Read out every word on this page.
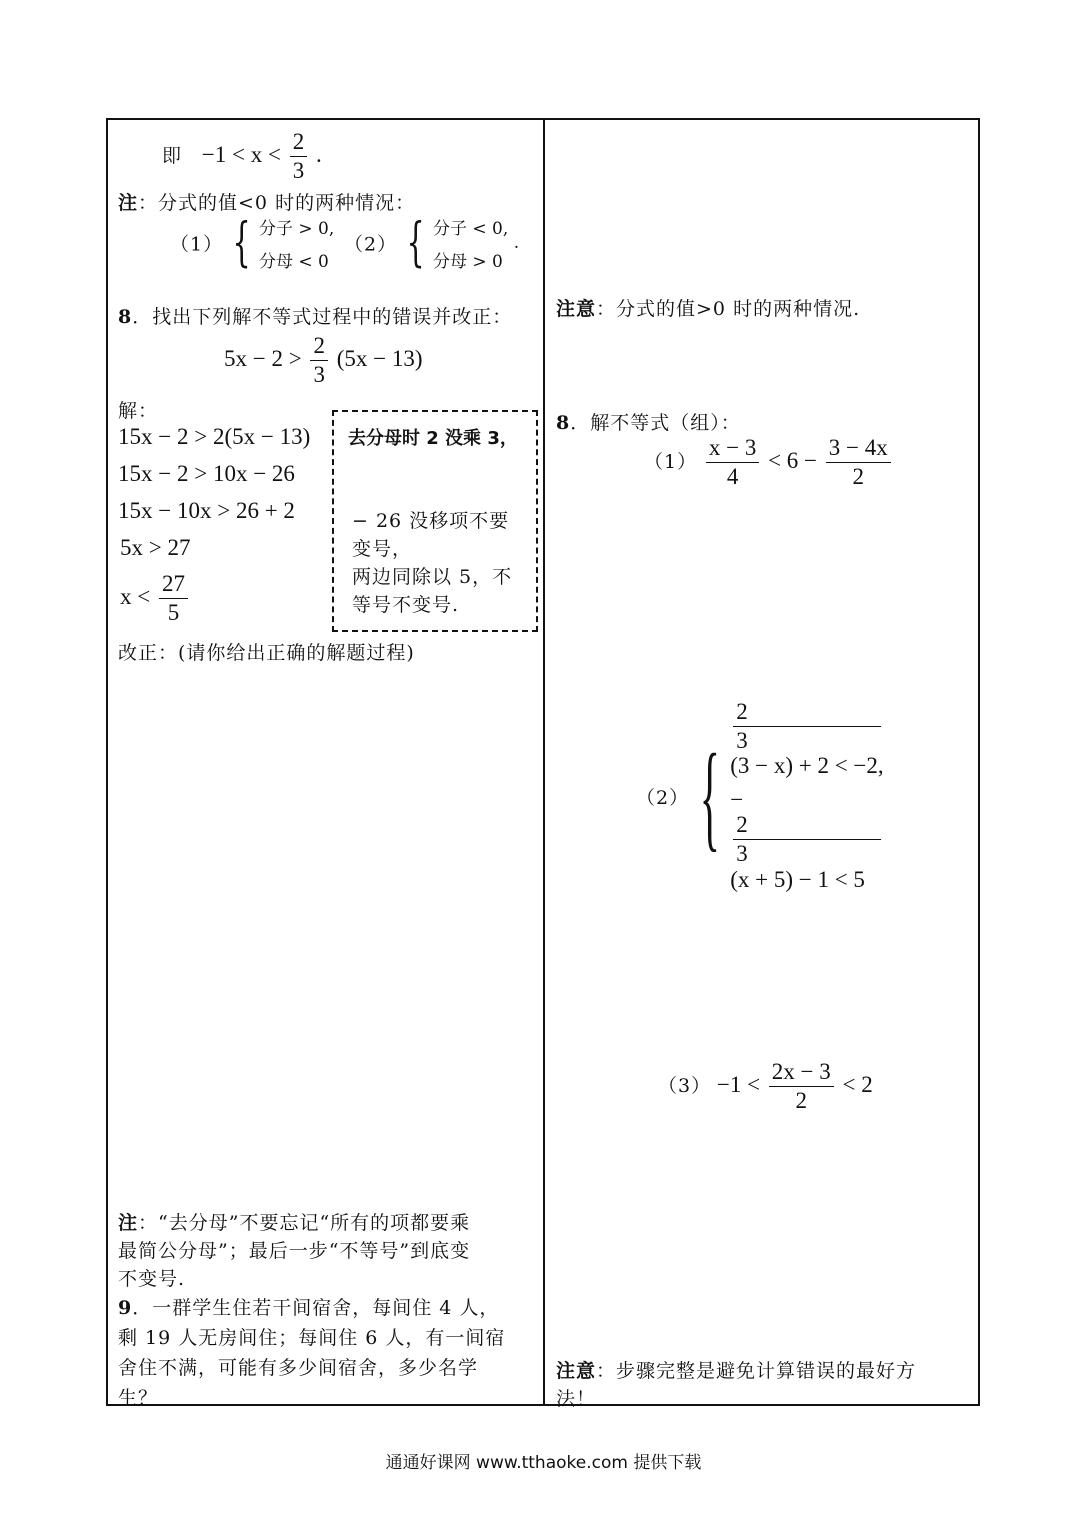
即 $-1 < x < \frac{2}{3}$ .
注：分式的值<0 时的两种情况：
（1） { 分子 > 0,
分母 < 0
（2） { 分子 < 0,
分母 > 0
.
8．找出下列解不等式过程中的错误并改正：
$5x - 2 > \frac{2}{3} (5x - 13)$
解：
15x − 2 > 2(5x − 13)
15x − 2 > 10x − 26
15x − 10x > 26 + 2
5x > 27
$x < \frac{27}{5}$
去分母时 2 没乘 3，
− 26 没移项不要
变号，
两边同除以 5，不
等号不变号.
改正：(请你给出正确的解题过程)
注：“去分母”不要忘记“所有的项都要乘
最简公分母”；最后一步“不等号”到底变
不变号.
9．一群学生住若干间宿舍，每间住 4 人，
剩 19 人无房间住；每间住 6 人，有一间宿
舍住不满，可能有多少间宿舍，多少名学
生？
注意：分式的值>0 时的两种情况.
8．解不等式（组）：
$(1) \frac{x - 3}{4} < 6 - \frac{3 - 4x}{2}$
（2） {
2
3
(3 − x) + 2 < −2,
−
2
3
(x + 5) − 1 < 5
$(3) -1 < \frac{2x - 3}{2} < 2$
注意：步骤完整是避免计算错误的最好方
法！
通通好课网 www.tthaoke.com 提供下载
